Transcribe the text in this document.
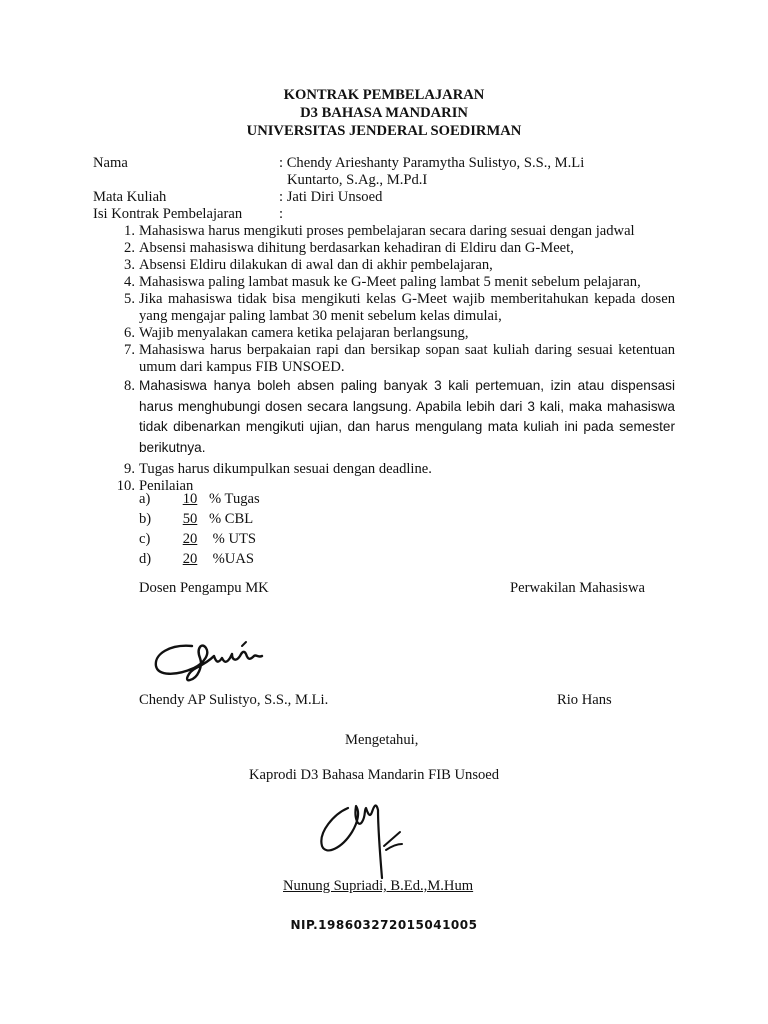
KONTRAK PEMBELAJARAN
D3 BAHASA MANDARIN
UNIVERSITAS JENDERAL SOEDIRMAN
Nama	: Chendy Arieshanty Paramytha Sulistyo, S.S., M.Li
Kuntarto, S.Ag., M.Pd.I
Mata Kuliah	: Jati Diri Unsoed
Isi Kontrak Pembelajaran	:
1. Mahasiswa harus mengikuti proses pembelajaran secara daring sesuai dengan jadwal
2. Absensi mahasiswa dihitung berdasarkan kehadiran di Eldiru dan G-Meet,
3. Absensi Eldiru dilakukan di awal dan di akhir pembelajaran,
4. Mahasiswa paling lambat masuk ke G-Meet paling lambat 5 menit sebelum pelajaran,
5. Jika mahasiswa tidak bisa mengikuti kelas G-Meet wajib memberitahukan kepada dosen yang mengajar paling lambat 30 menit sebelum kelas dimulai,
6. Wajib menyalakan camera ketika pelajaran berlangsung,
7. Mahasiswa harus berpakaian rapi dan bersikap sopan saat kuliah daring sesuai ketentuan umum dari kampus FIB UNSOED.
8. Mahasiswa hanya boleh absen paling banyak 3 kali pertemuan, izin atau dispensasi harus menghubungi dosen secara langsung. Apabila lebih dari 3 kali, maka mahasiswa tidak dibenarkan mengikuti ujian, dan harus mengulang mata kuliah ini pada semester berikutnya.
9. Tugas harus dikumpulkan sesuai dengan deadline.
10. Penilaian
a) 10 % Tugas
b) 50 % CBL
c) 20 % UTS
d) 20 %UAS
Dosen Pengampu MK	Perwakilan Mahasiswa
Chendy AP Sulistyo, S.S., M.Li.	Rio Hans
Mengetahui,
Kaprodi D3 Bahasa Mandarin FIB Unsoed
Nunung Supriadi, B.Ed.,M.Hum
NIP.198603272015041005
